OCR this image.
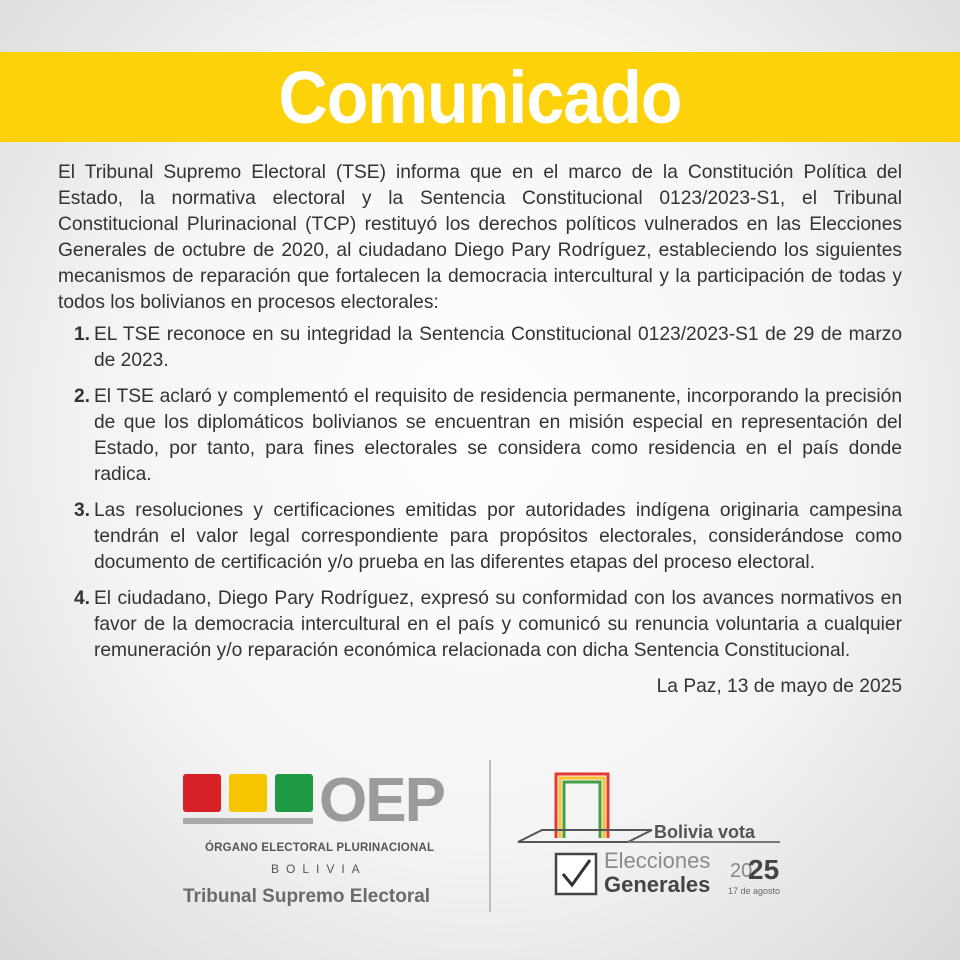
Comunicado

El Tribunal Supremo Electoral (TSE) informa que en el marco de la Constitución Política del Estado, la normativa electoral y la Sentencia Constitucional 0123/2023-S1, el Tribunal Constitucional Plurinacional (TCP) restituyó los derechos políticos vulnerados en las Elecciones Generales de octubre de 2020, al ciudadano Diego Pary Rodríguez, estableciendo los siguientes mecanismos de reparación que fortalecen la democracia intercultural y la participación de todas y todos los bolivianos en procesos electorales:

1. EL TSE reconoce en su integridad la Sentencia Constitucional 0123/2023-S1 de 29 de marzo de 2023.
2. El TSE aclaró y complementó el requisito de residencia permanente, incorporando la precisión de que los diplomáticos bolivianos se encuentran en misión especial en representación del Estado, por tanto, para fines electorales se considera como residencia en el país donde radica.
3. Las resoluciones y certificaciones emitidas por autoridades indígena originaria campesina tendrán el valor legal correspondiente para propósitos electorales, considerándose como documento de certificación y/o prueba en las diferentes etapas del proceso electoral.
4. El ciudadano, Diego Pary Rodríguez, expresó su conformidad con los avances normativos en favor de la democracia intercultural en el país y comunicó su renuncia voluntaria a cualquier remuneración y/o reparación económica relacionada con dicha Sentencia Constitucional.
La Paz, 13 de mayo de 2025
OEP
ÓRGANO ELECTORAL PLURINACIONAL
BOLIVIA
Tribunal Supremo Electoral
Bolivia vota
Elecciones
Generales
20
25
17 de agosto
